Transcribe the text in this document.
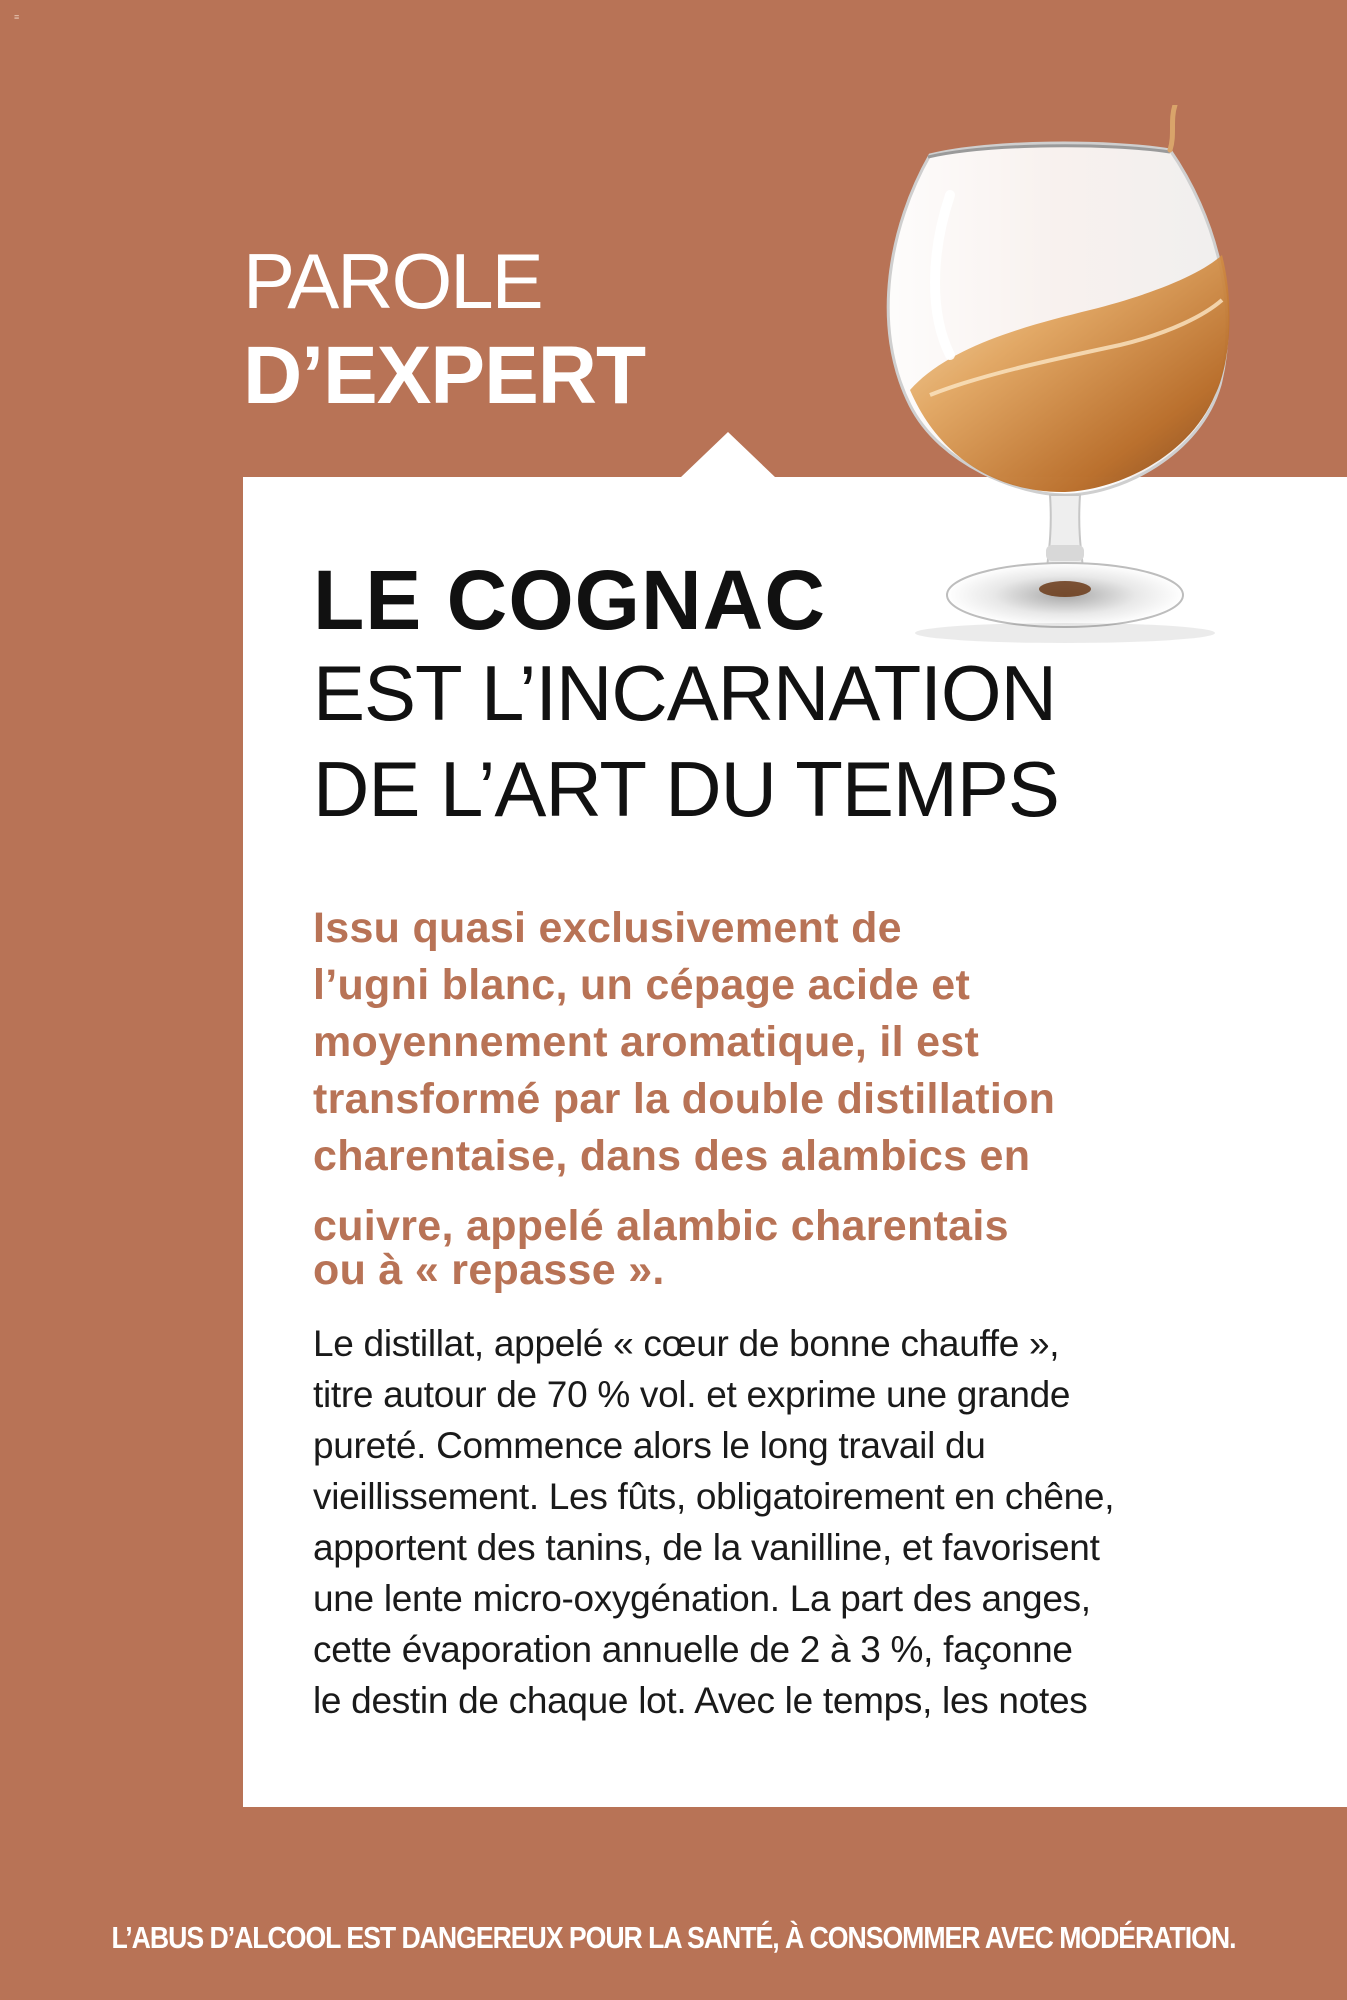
≡
PAROLE
D’EXPERT
LE COGNAC
EST L’INCARNATION
DE L’ART DU TEMPS
Issu quasi exclusivement de
l’ugni blanc, un cépage acide et
moyennement aromatique, il est
transformé par la double distillation
charentaise, dans des alambics en
cuivre, appelé alambic charentais
ou à « repasse ».
Le distillat, appelé « cœur de bonne chauffe »,
titre autour de 70 % vol. et exprime une grande
pureté. Commence alors le long travail du
vieillissement. Les fûts, obligatoirement en chêne,
apportent des tanins, de la vanilline, et favorisent
une lente micro-oxygénation. La part des anges,
cette évaporation annuelle de 2 à 3 %, façonne
le destin de chaque lot. Avec le temps, les notes
L’ABUS D’ALCOOL EST DANGEREUX POUR LA SANTÉ, À CONSOMMER AVEC MODÉRATION.
